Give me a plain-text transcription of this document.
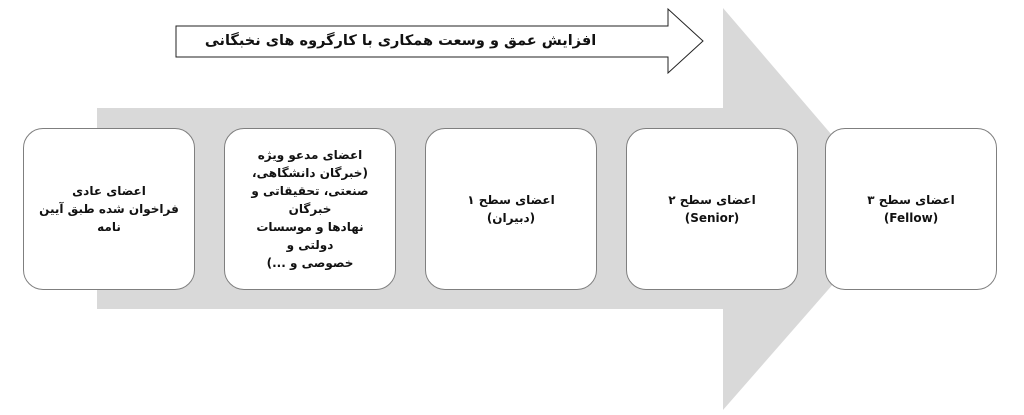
افزایش عمق و وسعت همکاری با کارگروه های نخبگانی
اعضای عادی
فراخوان شده طبق آیین
نامه
اعضای مدعو ویژه
(خبرگان دانشگاهی،
صنعتی، تحقیقاتی و خبرگان
نهادها و موسسات دولتی و
خصوصی و ...)
اعضای سطح ۱
(دبیران)
اعضای سطح ۲
(Senior)
اعضای سطح ۳
(Fellow)
